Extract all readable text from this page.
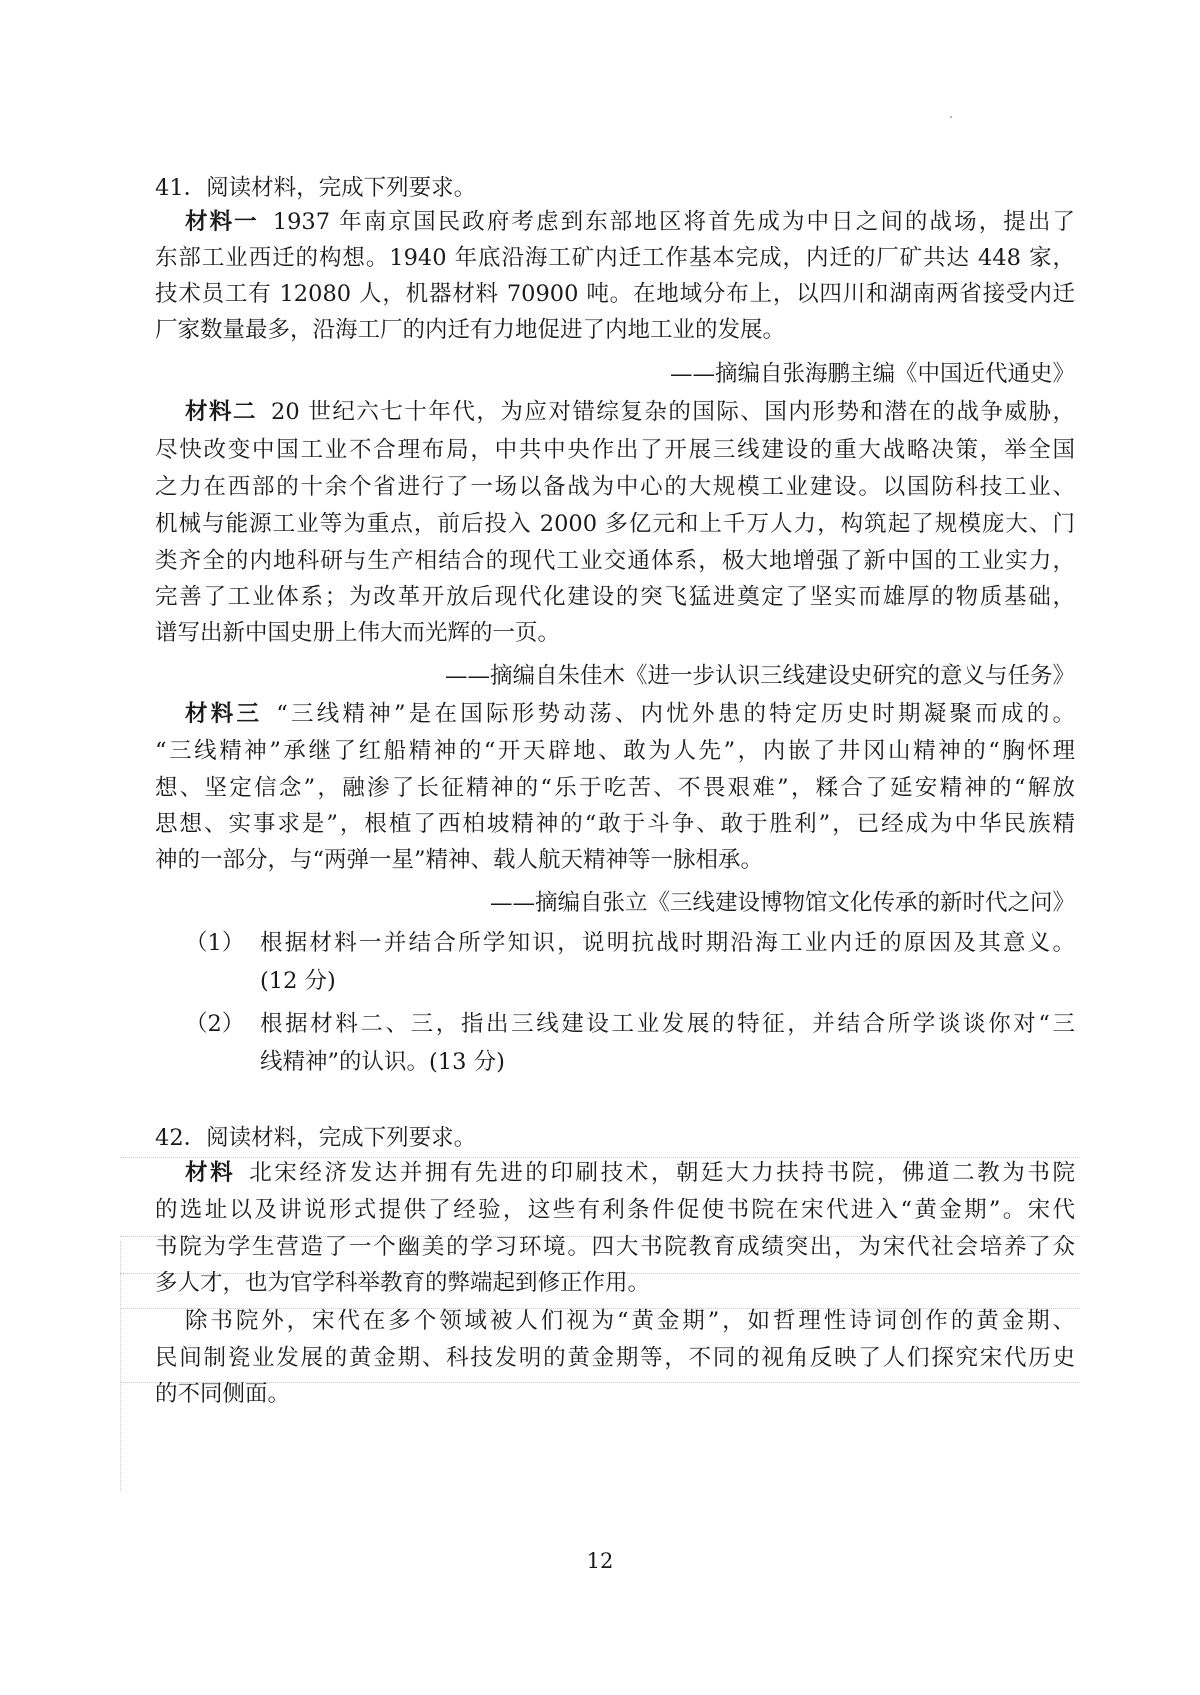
41．阅读材料，完成下列要求。
材料一 1937 年南京国民政府考虑到东部地区将首先成为中日之间的战场，提出了
东部工业西迁的构想。1940 年底沿海工矿内迁工作基本完成，内迁的厂矿共达 448 家，
技术员工有 12080 人，机器材料 70900 吨。在地域分布上，以四川和湖南两省接受内迁
厂家数量最多，沿海工厂的内迁有力地促进了内地工业的发展。
——摘编自张海鹏主编《中国近代通史》
材料二 20 世纪六七十年代，为应对错综复杂的国际、国内形势和潜在的战争威胁，
尽快改变中国工业不合理布局，中共中央作出了开展三线建设的重大战略决策，举全国
之力在西部的十余个省进行了一场以备战为中心的大规模工业建设。以国防科技工业、
机械与能源工业等为重点，前后投入 2000 多亿元和上千万人力，构筑起了规模庞大、门
类齐全的内地科研与生产相结合的现代工业交通体系，极大地增强了新中国的工业实力，
完善了工业体系；为改革开放后现代化建设的突飞猛进奠定了坚实而雄厚的物质基础，
谱写出新中国史册上伟大而光辉的一页。
——摘编自朱佳木《进一步认识三线建设史研究的意义与任务》
材料三 “三线精神”是在国际形势动荡、内忧外患的特定历史时期凝聚而成的。
“三线精神”承继了红船精神的“开天辟地、敢为人先”，内嵌了井冈山精神的“胸怀理
想、坚定信念”，融渗了长征精神的“乐于吃苦、不畏艰难”，糅合了延安精神的“解放
思想、实事求是”，根植了西柏坡精神的“敢于斗争、敢于胜利”，已经成为中华民族精
神的一部分，与“两弹一星”精神、载人航天精神等一脉相承。
——摘编自张立《三线建设博物馆文化传承的新时代之问》
（1） 根据材料一并结合所学知识，说明抗战时期沿海工业内迁的原因及其意义。
(12 分)
（2） 根据材料二、三，指出三线建设工业发展的特征，并结合所学谈谈你对“三
线精神”的认识。(13 分)
42．阅读材料，完成下列要求。
材料 北宋经济发达并拥有先进的印刷技术，朝廷大力扶持书院，佛道二教为书院
的选址以及讲说形式提供了经验，这些有利条件促使书院在宋代进入“黄金期”。宋代
书院为学生营造了一个幽美的学习环境。四大书院教育成绩突出，为宋代社会培养了众
多人才，也为官学科举教育的弊端起到修正作用。
除书院外，宋代在多个领域被人们视为“黄金期”，如哲理性诗词创作的黄金期、
民间制瓷业发展的黄金期、科技发明的黄金期等，不同的视角反映了人们探究宋代历史
的不同侧面。
12
